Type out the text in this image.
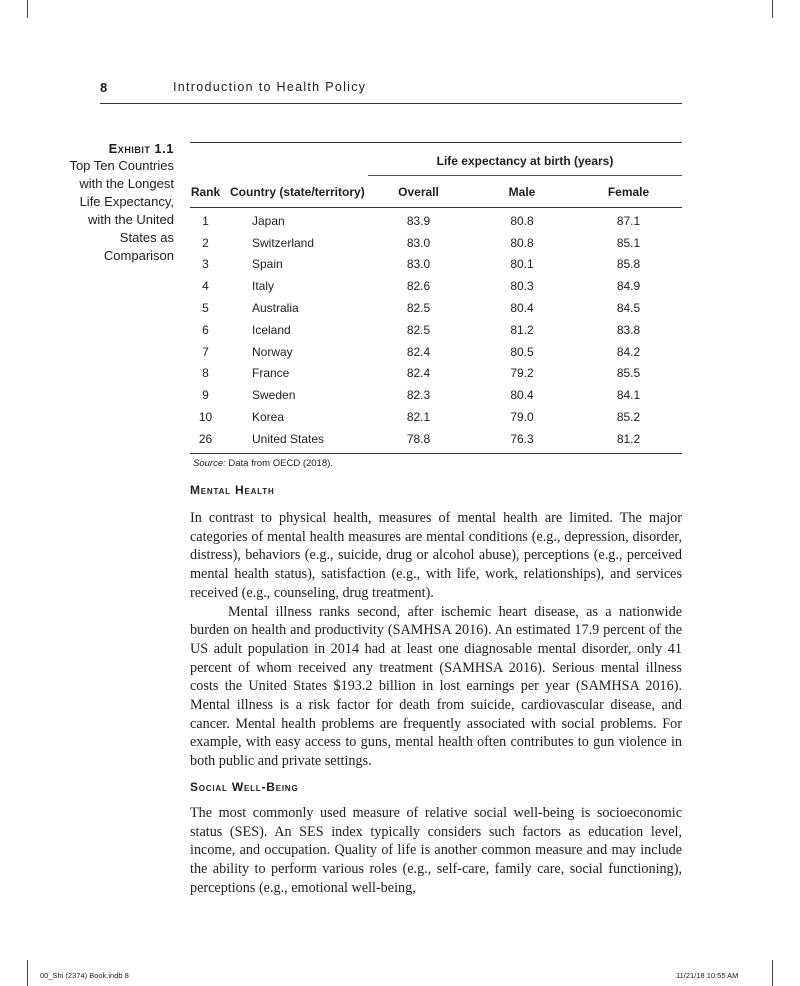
8	Introduction to Health Policy
Exhibit 1.1
Top Ten Countries
with the Longest
Life Expectancy,
with the United
States as
Comparison
Life expectancy at birth (years)
Rank Country (state/territory)	Overall	Male	Female
1	Japan	83.9	80.8	87.1
2	Switzerland	83.0	80.8	85.1
3	Spain	83.0	80.1	85.8
4	Italy	82.6	80.3	84.9
5	Australia	82.5	80.4	84.5
6	Iceland	82.5	81.2	83.8
7	Norway	82.4	80.5	84.2
8	France	82.4	79.2	85.5
9	Sweden	82.3	80.4	84.1
10	Korea	82.1	79.0	85.2
26	United States	78.8	76.3	81.2
Source: Data from OECD (2018).
Mental Health

In contrast to physical health, measures of mental health are limited. The major categories of mental health measures are mental conditions (e.g., depression, disorder, distress), behaviors (e.g., suicide, drug or alcohol abuse), perceptions (e.g., perceived mental health status), satisfaction (e.g., with life, work, relationships), and services received (e.g., counseling, drug treatment).

Mental illness ranks second, after ischemic heart disease, as a nationwide burden on health and productivity (SAMHSA 2016). An estimated 17.9 percent of the US adult population in 2014 had at least one diagnosable mental disorder, only 41 percent of whom received any treatment (SAMHSA 2016). Serious mental illness costs the United States $193.2 billion in lost earnings per year (SAMHSA 2016). Mental illness is a risk factor for death from suicide, cardiovascular disease, and cancer. Mental health problems are frequently associated with social problems. For example, with easy access to guns, mental health often contributes to gun violence in both public and private settings.

Social Well-Being

The most commonly used measure of relative social well-being is socioeconomic status (SES). An SES index typically considers such factors as education level, income, and occupation. Quality of life is another common measure and may include the ability to perform various roles (e.g., self-care, family care, social functioning), perceptions (e.g., emotional well-being,

00_Shi (2374) Book.indb 8	11/21/18 10:55 AM
